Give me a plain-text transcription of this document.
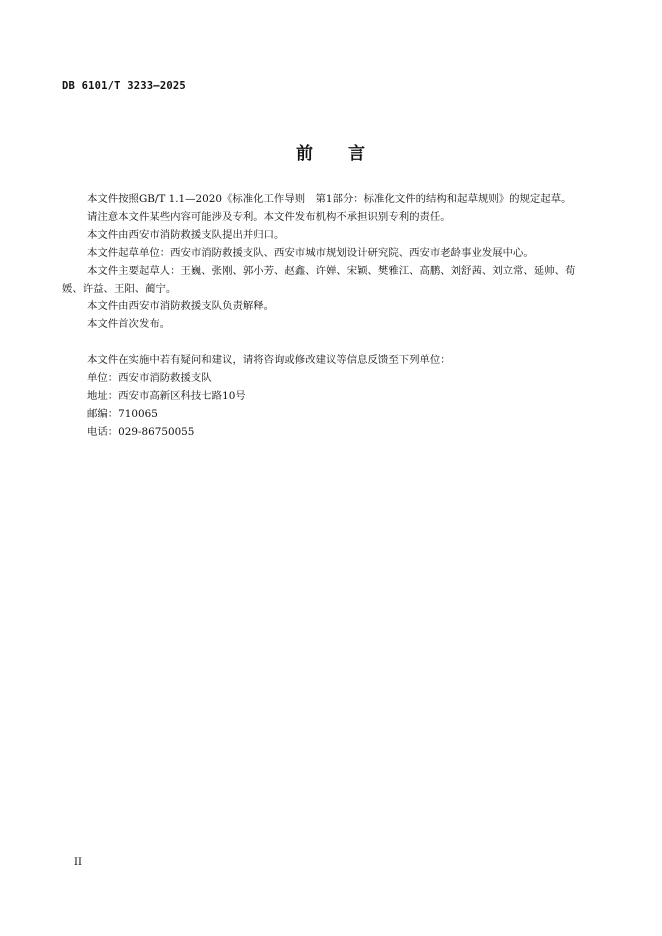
DB 6101/T 3233—2025
前 言

本文件按照GB/T 1.1—2020《标准化工作导则　第1部分：标准化文件的结构和起草规则》的规定起草。

请注意本文件某些内容可能涉及专利。本文件发布机构不承担识别专利的责任。

本文件由西安市消防救援支队提出并归口。

本文件起草单位：西安市消防救援支队、西安市城市规划设计研究院、西安市老龄事业发展中心。

本文件主要起草人：王巍、张刚、郭小芳、赵鑫、许婵、宋颖、樊雅江、高鹏、刘舒茜、刘立常、延帅、荀媛、许益、王阳、蔺宁。

本文件由西安市消防救援支队负责解释。

本文件首次发布。

本文件在实施中若有疑问和建议，请将咨询或修改建议等信息反馈至下列单位：

单位：西安市消防救援支队

地址：西安市高新区科技七路10号

邮编：710065

电话：029-86750055

II
